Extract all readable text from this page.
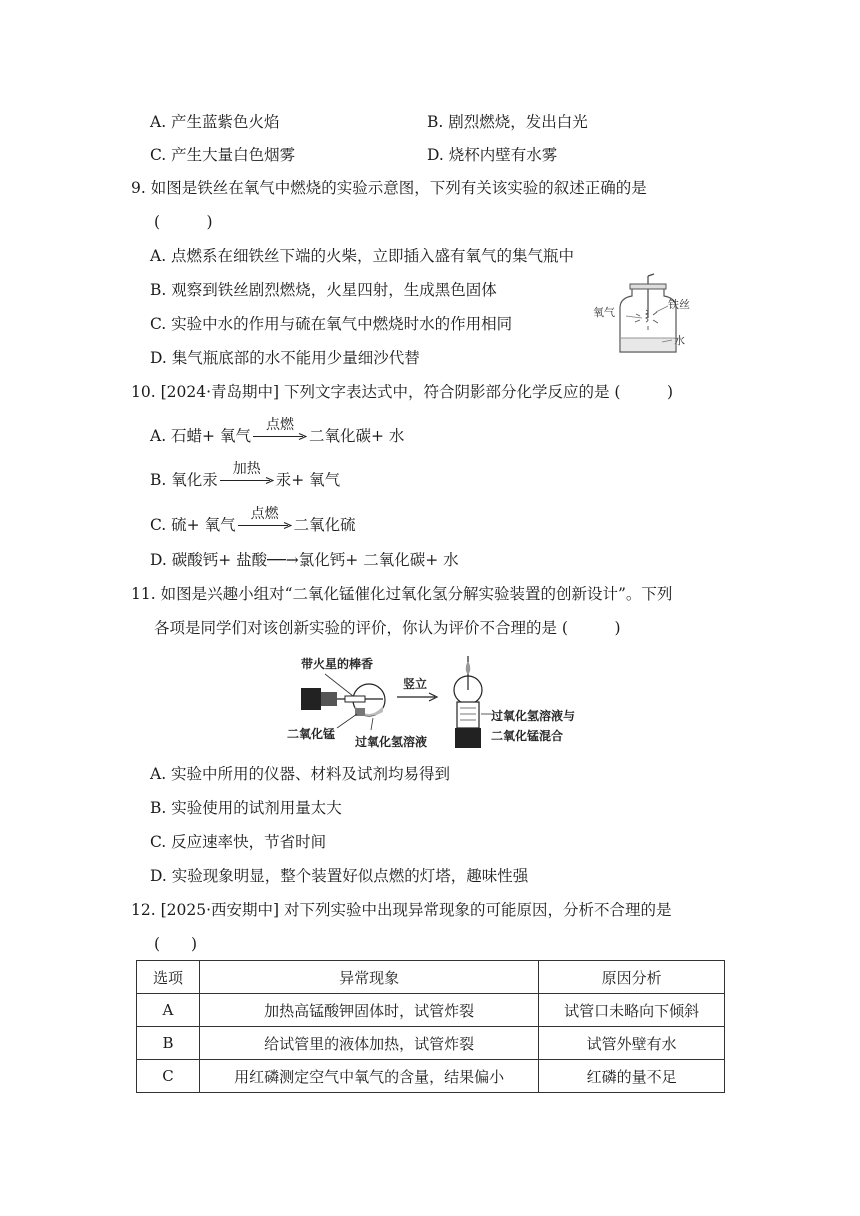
A. 产生蓝紫色火焰	B. 剧烈燃烧，发出白光
C. 产生大量白色烟雾	D. 烧杯内壁有水雾
9. 如图是铁丝在氧气中燃烧的实验示意图，下列有关该实验的叙述正确的是
(　　　)
A. 点燃系在细铁丝下端的火柴，立即插入盛有氧气的集气瓶中
B. 观察到铁丝剧烈燃烧，火星四射，生成黑色固体
C. 实验中水的作用与硫在氧气中燃烧时水的作用相同
D. 集气瓶底部的水不能用少量细沙代替
氧气
铁丝
水
10. [2024·青岛期中] 下列文字表达式中，符合阴影部分化学反应的是 (　　　)
A. 石蜡+ 氧气
点燃
二氧化碳+ 水
B. 氧化汞
加热
汞+ 氧气
C. 硫+ 氧气
点燃
二氧化硫
D. 碳酸钙+ 盐酸──→氯化钙+ 二氧化碳+ 水
11. 如图是兴趣小组对“二氧化锰催化过氧化氢分解实验装置的创新设计”。下列
各项是同学们对该创新实验的评价，你认为评价不合理的是 (　　　)
带火星的棒香
竖立
二氧化锰
过氧化氢溶液
过氧化氢溶液与
二氧化锰混合
A. 实验中所用的仪器、材料及试剂均易得到
B. 实验使用的试剂用量太大
C. 反应速率快，节省时间
D. 实验现象明显，整个装置好似点燃的灯塔，趣味性强
12. [2025·西安期中] 对下列实验中出现异常现象的可能原因，分析不合理的是
(　　)
选项	异常现象	原因分析
A	加热高锰酸钾固体时，试管炸裂	试管口未略向下倾斜
B	给试管里的液体加热，试管炸裂	试管外壁有水
C	用红磷测定空气中氧气的含量，结果偏小	红磷的量不足
